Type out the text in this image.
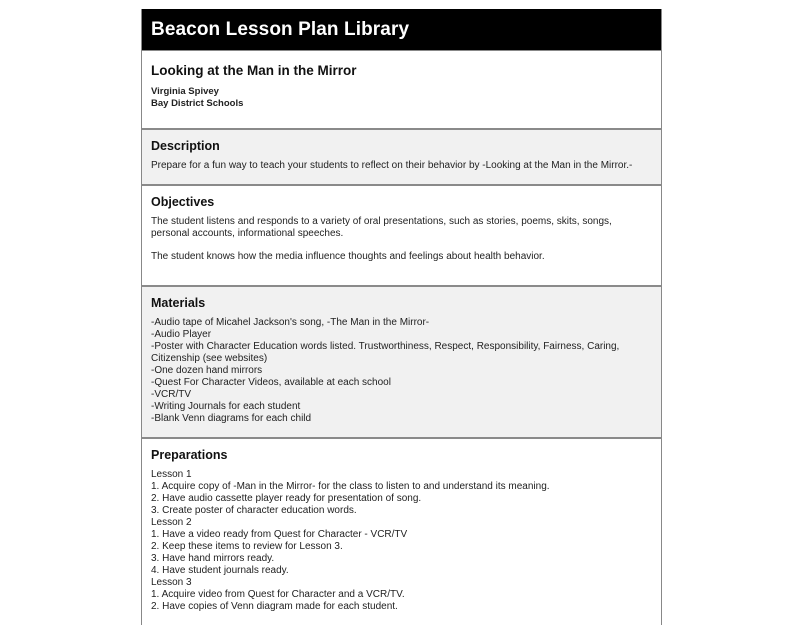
Beacon Lesson Plan Library
Looking at the Man in the Mirror
Virginia Spivey
Bay District Schools
Description

Prepare for a fun way to teach your students to reflect on their behavior by -Looking at the Man in the Mirror.-

Objectives

The student listens and responds to a variety of oral presentations, such as stories, poems, skits, songs, personal accounts, informational speeches.

The student knows how the media influence thoughts and feelings about health behavior.

Materials
-Audio tape of Micahel Jackson's song, -The Man in the Mirror-
-Audio Player
-Poster with Character Education words listed. Trustworthiness, Respect, Responsibility, Fairness, Caring, Citizenship (see websites)
-One dozen hand mirrors
-Quest For Character Videos, available at each school
-VCR/TV
-Writing Journals for each student
-Blank Venn diagrams for each child
Preparations
Lesson 1
1. Acquire copy of -Man in the Mirror- for the class to listen to and understand its meaning.
2. Have audio cassette player ready for presentation of song.
3. Create poster of character education words.
Lesson 2
1. Have a video ready from Quest for Character - VCR/TV
2. Keep these items to review for Lesson 3.
3. Have hand mirrors ready.
4. Have student journals ready.
Lesson 3
1. Acquire video from Quest for Character and a VCR/TV.
2. Have copies of Venn diagram made for each student.
